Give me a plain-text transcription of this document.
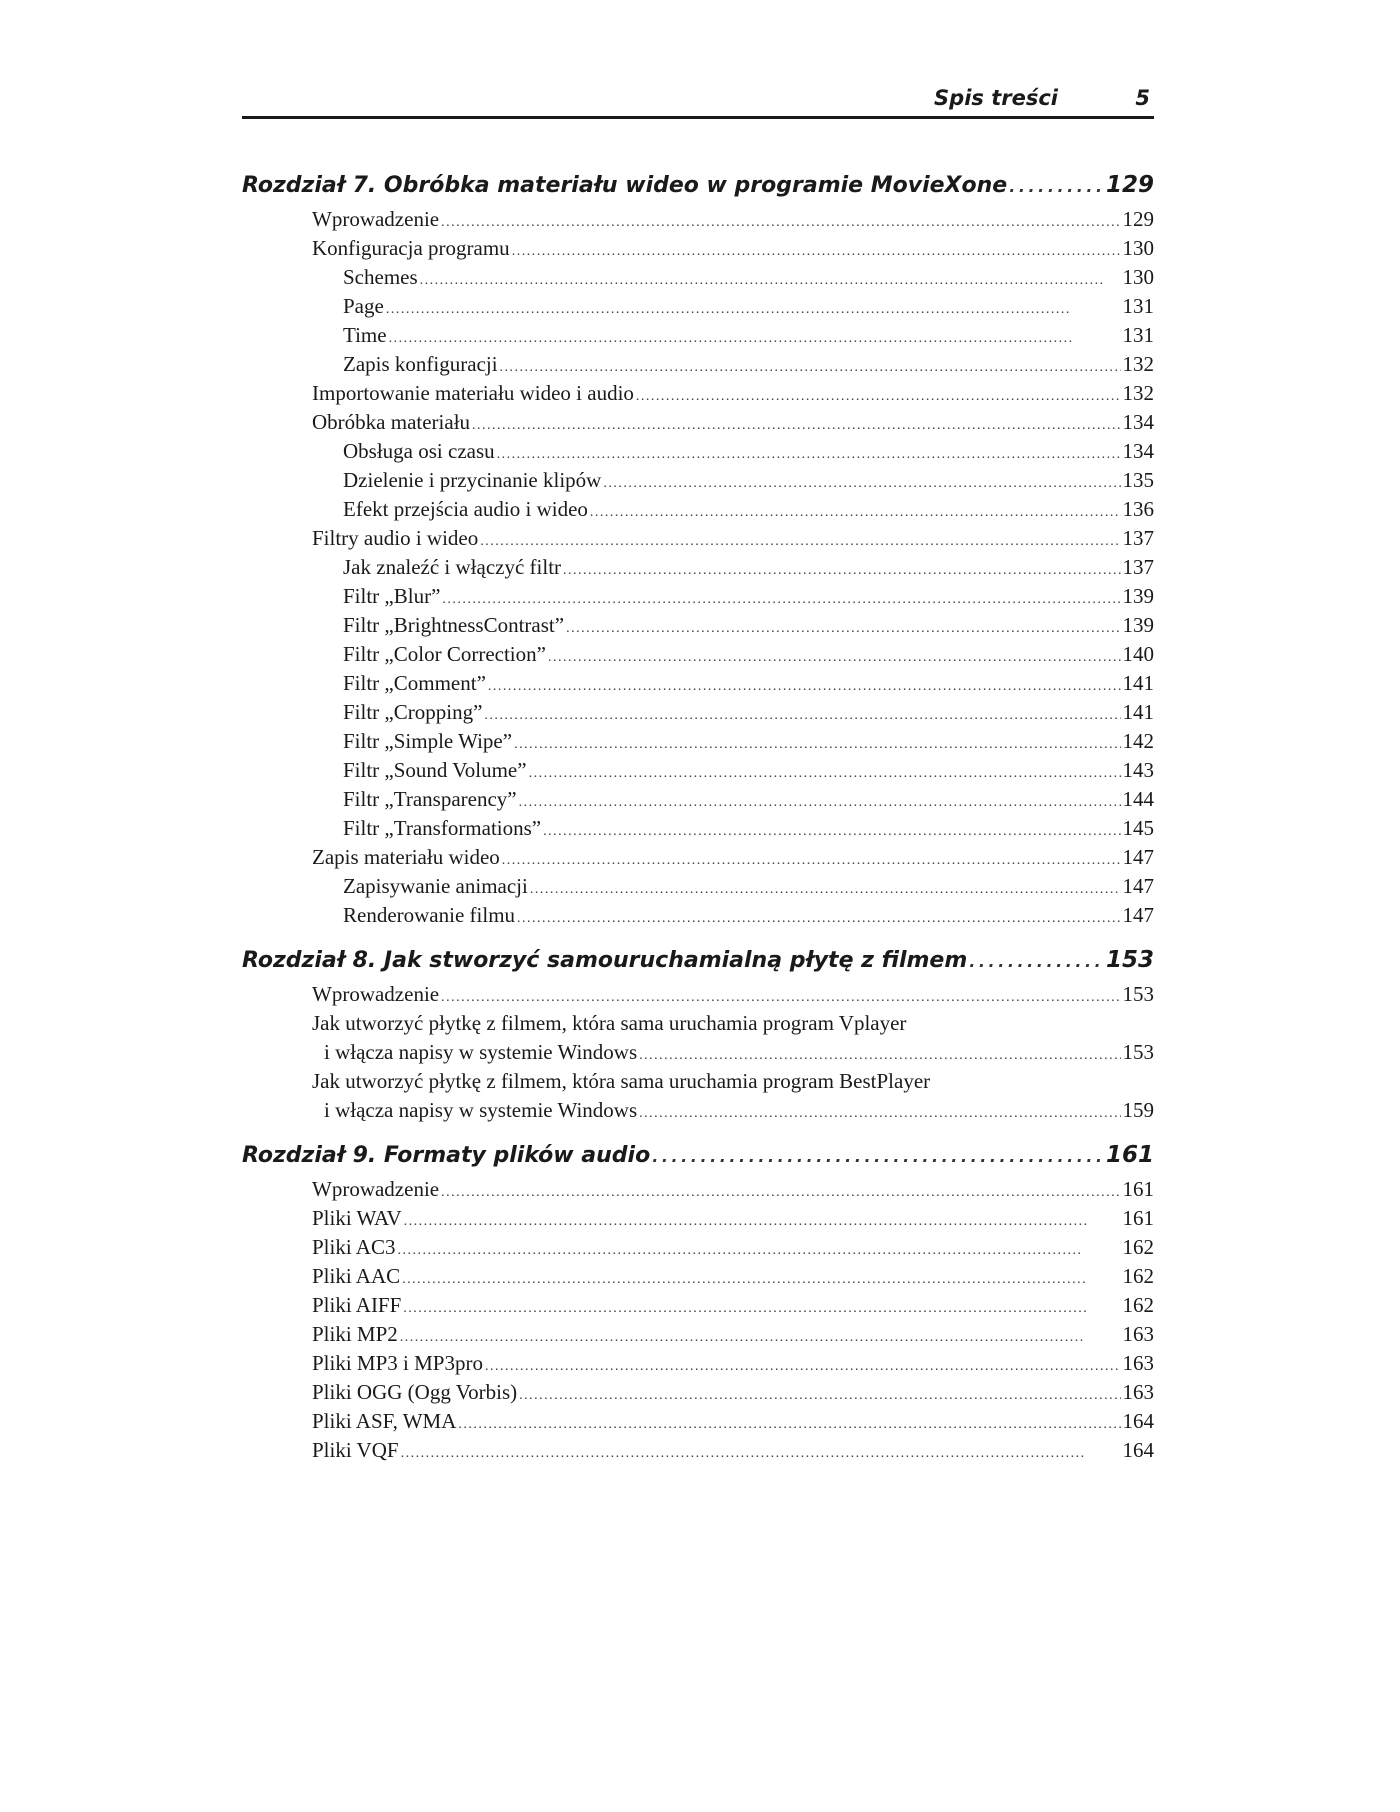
Spis treści	5
Rozdział 7. Obróbka materiału wideo w programie MovieXone . . .	129
Wprowadzenie . . .	129
Konfiguracja programu . . .	130
Schemes . . .	130
Page . . .	131
Time . . .	131
Zapis konfiguracji . . .	132
Importowanie materiału wideo i audio . . .	132
Obróbka materiału . . .	134
Obsługa osi czasu . . .	134
Dzielenie i przycinanie klipów . . .	135
Efekt przejścia audio i wideo . . .	136
Filtry audio i wideo . . .	137
Jak znaleźć i włączyć filtr . . .	137
Filtr „Blur” . . .	139
Filtr „BrightnessContrast” . . .	139
Filtr „Color Correction” . . .	140
Filtr „Comment” . . .	141
Filtr „Cropping” . . .	141
Filtr „Simple Wipe” . . .	142
Filtr „Sound Volume” . . .	143
Filtr „Transparency” . . .	144
Filtr „Transformations” . . .	145
Zapis materiału wideo . . .	147
Zapisywanie animacji . . .	147
Renderowanie filmu . . .	147
Rozdział 8. Jak stworzyć samouruchamialną płytę z filmem . . .	153
Wprowadzenie . . .	153
Jak utworzyć płytkę z filmem, która sama uruchamia program Vplayer
i włącza napisy w systemie Windows . . .	153
Jak utworzyć płytkę z filmem, która sama uruchamia program BestPlayer
i włącza napisy w systemie Windows . . .	159
Rozdział 9. Formaty plików audio . . .	161
Wprowadzenie . . .	161
Pliki WAV . . .	161
Pliki AC3 . . .	162
Pliki AAC . . .	162
Pliki AIFF . . .	162
Pliki MP2 . . .	163
Pliki MP3 i MP3pro . . .	163
Pliki OGG (Ogg Vorbis) . . .	163
Pliki ASF, WMA . . .	164
Pliki VQF . . .	164
